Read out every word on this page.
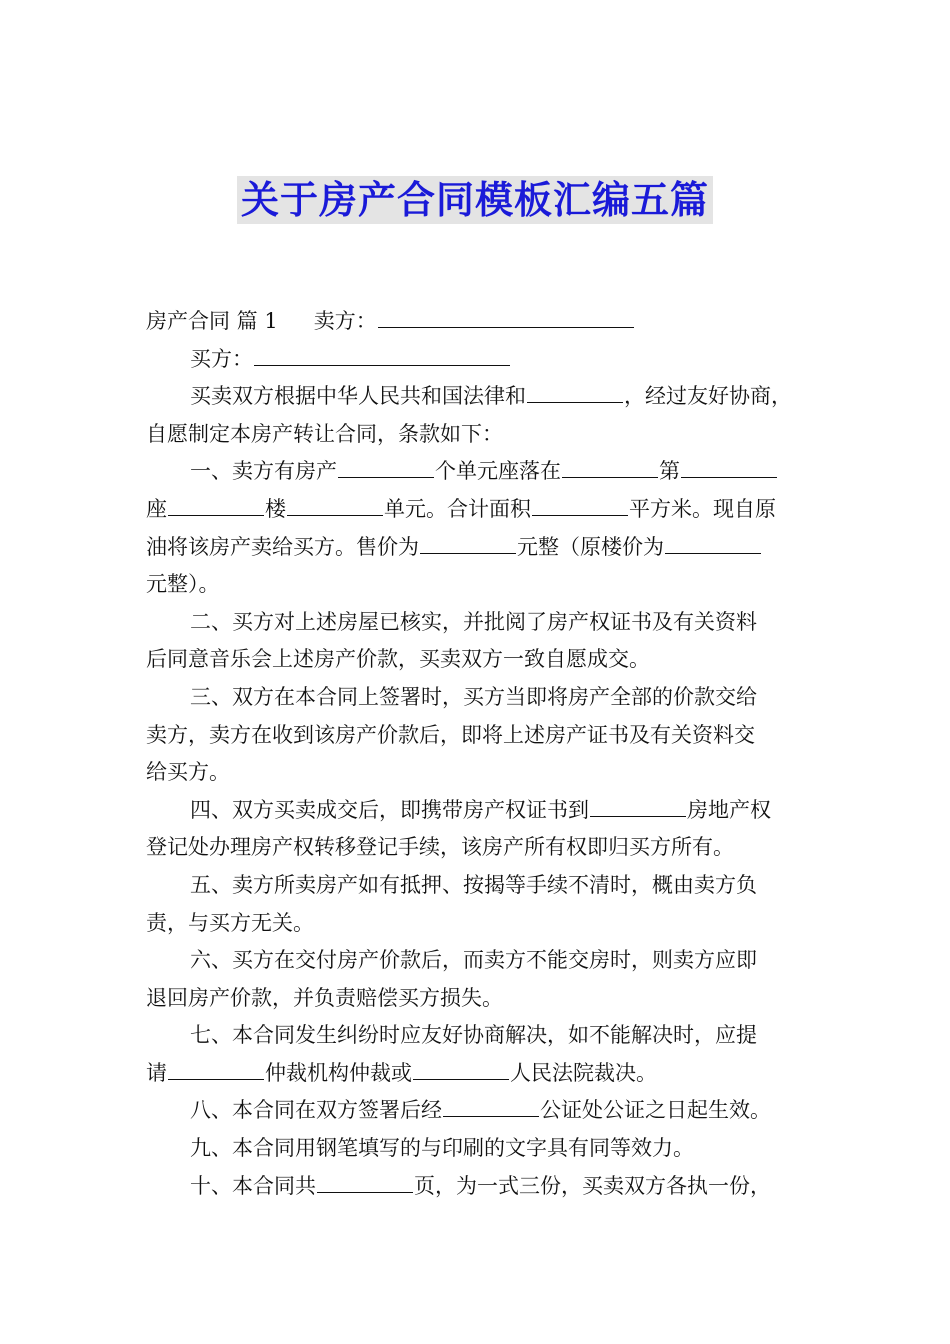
关于房产合同模板汇编五篇
房产合同 篇 1 卖方：
买方：
买卖双方根据中华人民共和国法律和	，经过友好协商，
自愿制定本房产转让合同，条款如下：
一、卖方有房产	个单元座落在	第
座	楼	单元。合计面积	平方米。现自原
油将该房产卖给买方。售价为	元整（原楼价为
元整）。
二、买方对上述房屋已核实，并批阅了房产权证书及有关资料
后同意音乐会上述房产价款，买卖双方一致自愿成交。
三、双方在本合同上签署时，买方当即将房产全部的价款交给
卖方，卖方在收到该房产价款后，即将上述房产证书及有关资料交
给买方。
四、双方买卖成交后，即携带房产权证书到	房地产权
登记处办理房产权转移登记手续，该房产所有权即归买方所有。
五、卖方所卖房产如有抵押、按揭等手续不清时，概由卖方负
责，与买方无关。
六、买方在交付房产价款后，而卖方不能交房时，则卖方应即
退回房产价款，并负责赔偿买方损失。
七、本合同发生纠纷时应友好协商解决，如不能解决时，应提
请	仲裁机构仲裁或	人民法院裁决。
八、本合同在双方签署后经	公证处公证之日起生效。
九、本合同用钢笔填写的与印刷的文字具有同等效力。
十、本合同共	页，为一式三份，买卖双方各执一份，
